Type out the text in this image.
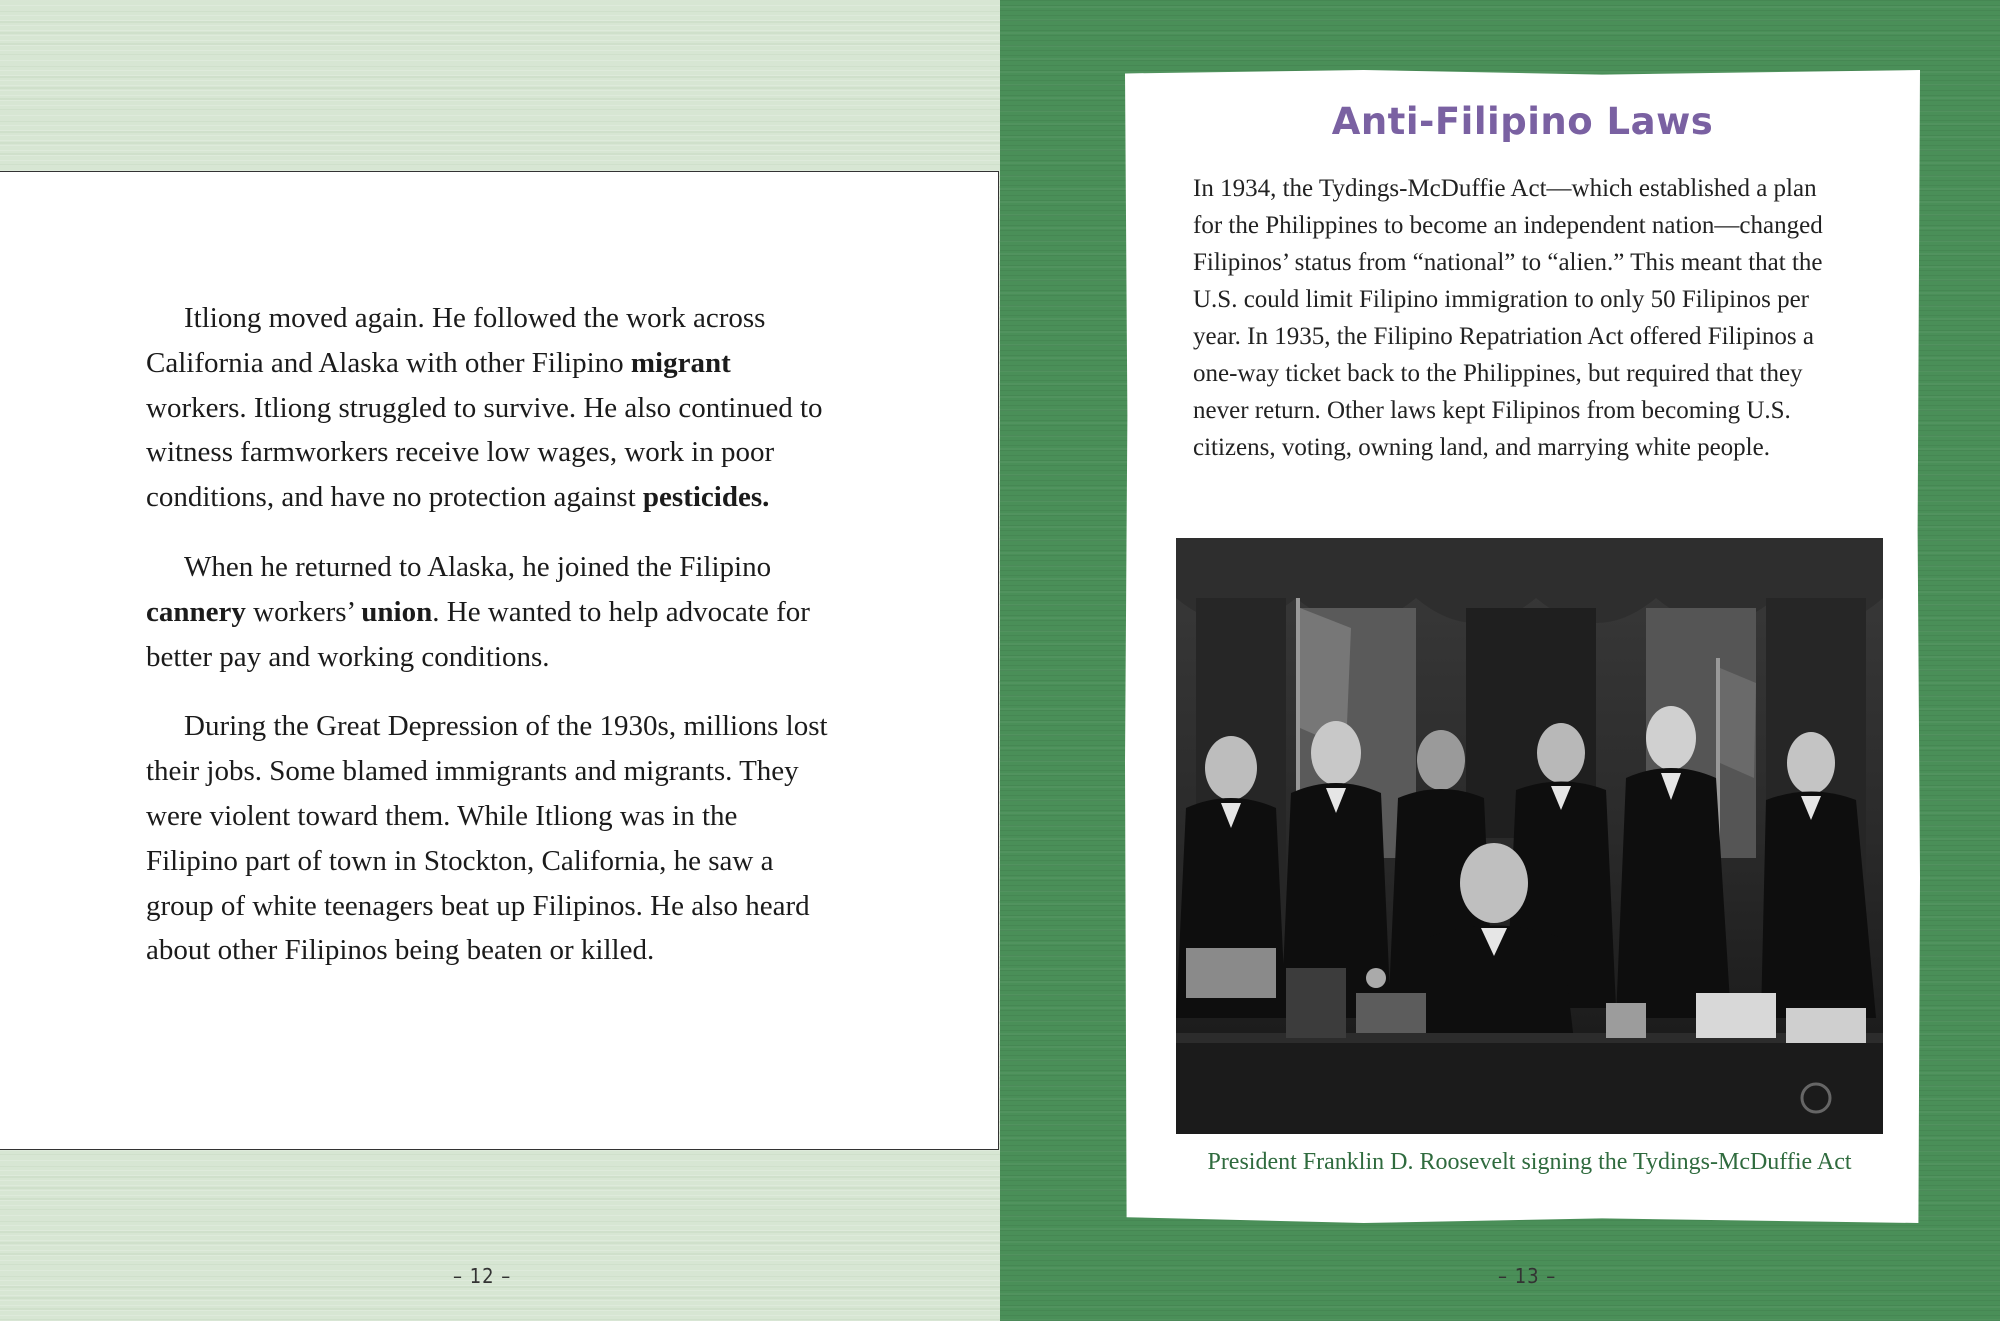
Itliong moved again. He followed the work across California and Alaska with other Filipino migrant workers. Itliong struggled to survive. He also continued to witness farmworkers receive low wages, work in poor conditions, and have no protection against pesticides.

When he returned to Alaska, he joined the Filipino cannery workers’ union. He wanted to help advocate for better pay and working conditions.

During the Great Depression of the 1930s, millions lost their jobs. Some blamed immigrants and migrants. They were violent toward them. While Itliong was in the Filipino part of town in Stockton, California, he saw a group of white teenagers beat up Filipinos. He also heard about other Filipinos being beaten or killed.

– 12 –	– 13 –
Anti-Filipino Laws
In 1934, the Tydings-McDuffie Act—which established a plan for the Philippines to become an independent nation—changed Filipinos’ status from “national” to “alien.” This meant that the U.S. could limit Filipino immigration to only 50 Filipinos per year. In 1935, the Filipino Repatriation Act offered Filipinos a one-way ticket back to the Philippines, but required that they never return. Other laws kept Filipinos from becoming U.S. citizens, voting, owning land, and marrying white people.
President Franklin D. Roosevelt signing the Tydings-McDuffie Act
